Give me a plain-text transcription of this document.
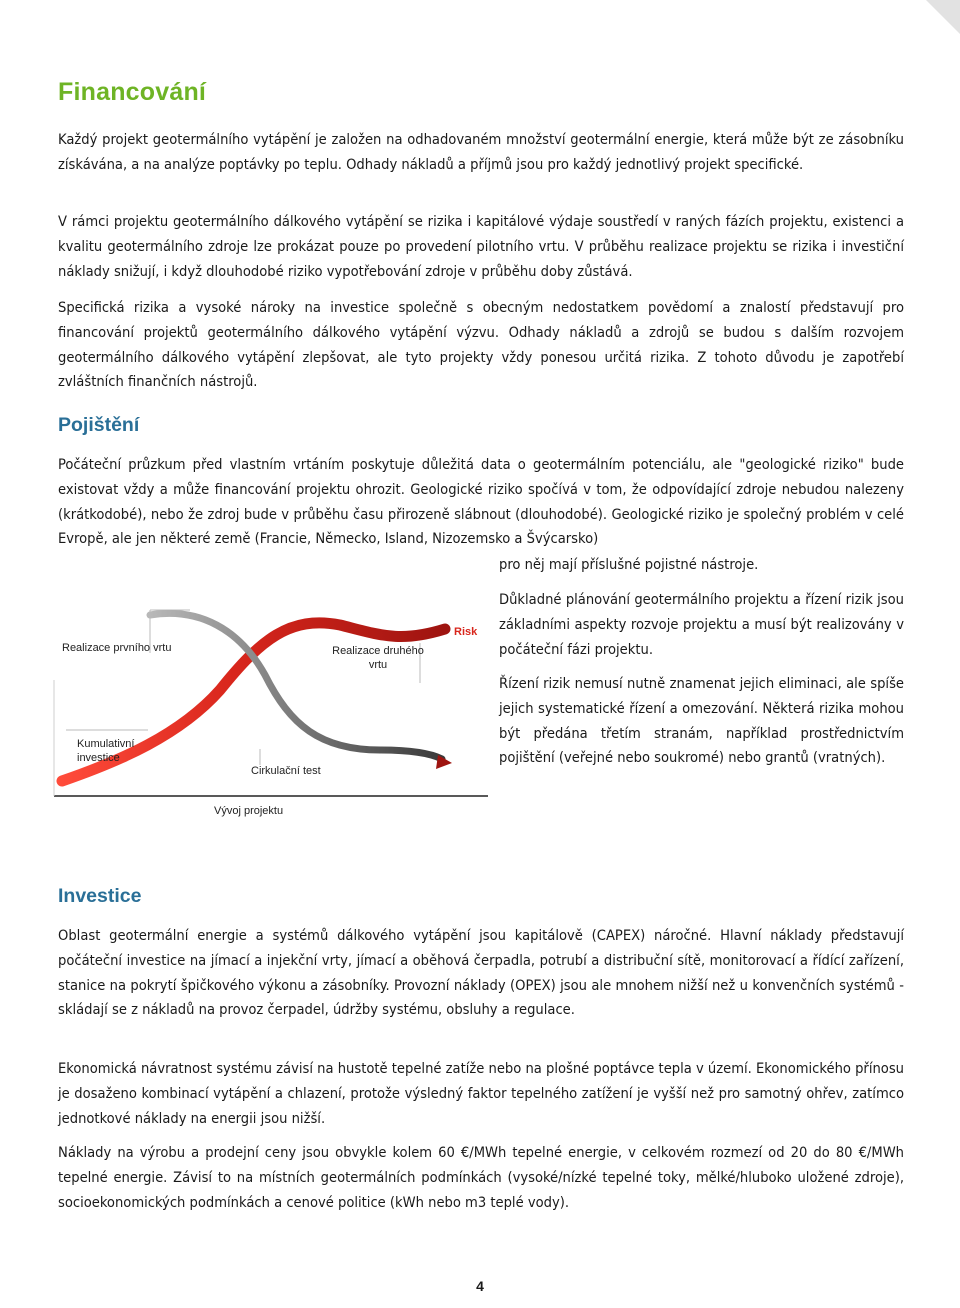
Financování

Každý projekt geotermálního vytápění je založen na odhadovaném množství geotermální energie, která může být ze zásobníku získávána, a na analýze poptávky po teplu. Odhady nákladů a příjmů jsou pro každý jednotlivý projekt specifické.

V rámci projektu geotermálního dálkového vytápění se rizika i kapitálové výdaje soustředí v raných fázích projektu, existenci a kvalitu geotermálního zdroje lze prokázat pouze po provedení pilotního vrtu. V průběhu realizace projektu se rizika i investiční náklady snižují, i když dlouhodobé riziko vypotřebování zdroje v průběhu doby zůstává.

Specifická rizika a vysoké nároky na investice společně s obecným nedostatkem povědomí a znalostí představují pro financování projektů geotermálního dálkového vytápění výzvu. Odhady nákladů a zdrojů se budou s dalším rozvojem geotermálního dálkového vytápění zlepšovat, ale tyto projekty vždy ponesou určitá rizika. Z tohoto důvodu je zapotřebí zvláštních finančních nástrojů.

Pojištění

Počáteční průzkum před vlastním vrtáním poskytuje důležitá data o geotermálním potenciálu, ale "geologické riziko" bude existovat vždy a může financování projektu ohrozit. Geologické riziko spočívá v tom, že odpovídající zdroje nebudou nalezeny (krátkodobé), nebo že zdroj bude v průběhu času přirozeně slábnout (dlouhodobé). Geologické riziko je společný problém v celé Evropě, ale jen některé země (Francie, Německo, Island, Nizozemsko a Švýcarsko)

pro něj mají příslušné pojistné nástroje.
Důkladné plánování geotermálního projektu a řízení rizik jsou základními aspekty rozvoje projektu a musí být realizovány v počáteční fázi projektu.
Řízení rizik nemusí nutně znamenat jejich eliminaci, ale spíše jejich systematické řízení a omezování. Některá rizika mohou být předána třetím stranám, například prostřednictvím pojištění (veřejné nebo soukromé) nebo grantů (vratných).
Investice

Oblast geotermální energie a systémů dálkového vytápění jsou kapitálově (CAPEX) náročné. Hlavní náklady představují počáteční investice na jímací a injekční vrty, jímací a oběhová čerpadla, potrubí a distribuční sítě, monitorovací a řídící zařízení, stanice na pokrytí špičkového výkonu a zásobníky. Provozní náklady (OPEX) jsou ale mnohem nižší než u konvenčních systémů - skládají se z nákladů na provoz čerpadel, údržby systému, obsluhy a regulace.

Ekonomická návratnost systému závisí na hustotě tepelné zatíže nebo na plošné poptávce tepla v území. Ekonomického přínosu je dosaženo kombinací vytápění a chlazení, protože výsledný faktor tepelného zatížení je vyšší než pro samotný ohřev, zatímco jednotkové náklady na energii jsou nižší.

Náklady na výrobu a prodejní ceny jsou obvykle kolem 60 €/MWh tepelné energie, v celkovém rozmezí od 20 do 80 €/MWh tepelné energie. Závisí to na místních geotermálních podmínkách (vysoké/nízké tepelné toky, mělké/hluboko uložené zdroje), socioekonomických podmínkách a cenové politice (kWh nebo m3 teplé vody).

Risk
Realizace prvního vrtu	Realizace druhého vrtu
Kumulativní investice
Cirkulační test
Vývoj projektu
4
